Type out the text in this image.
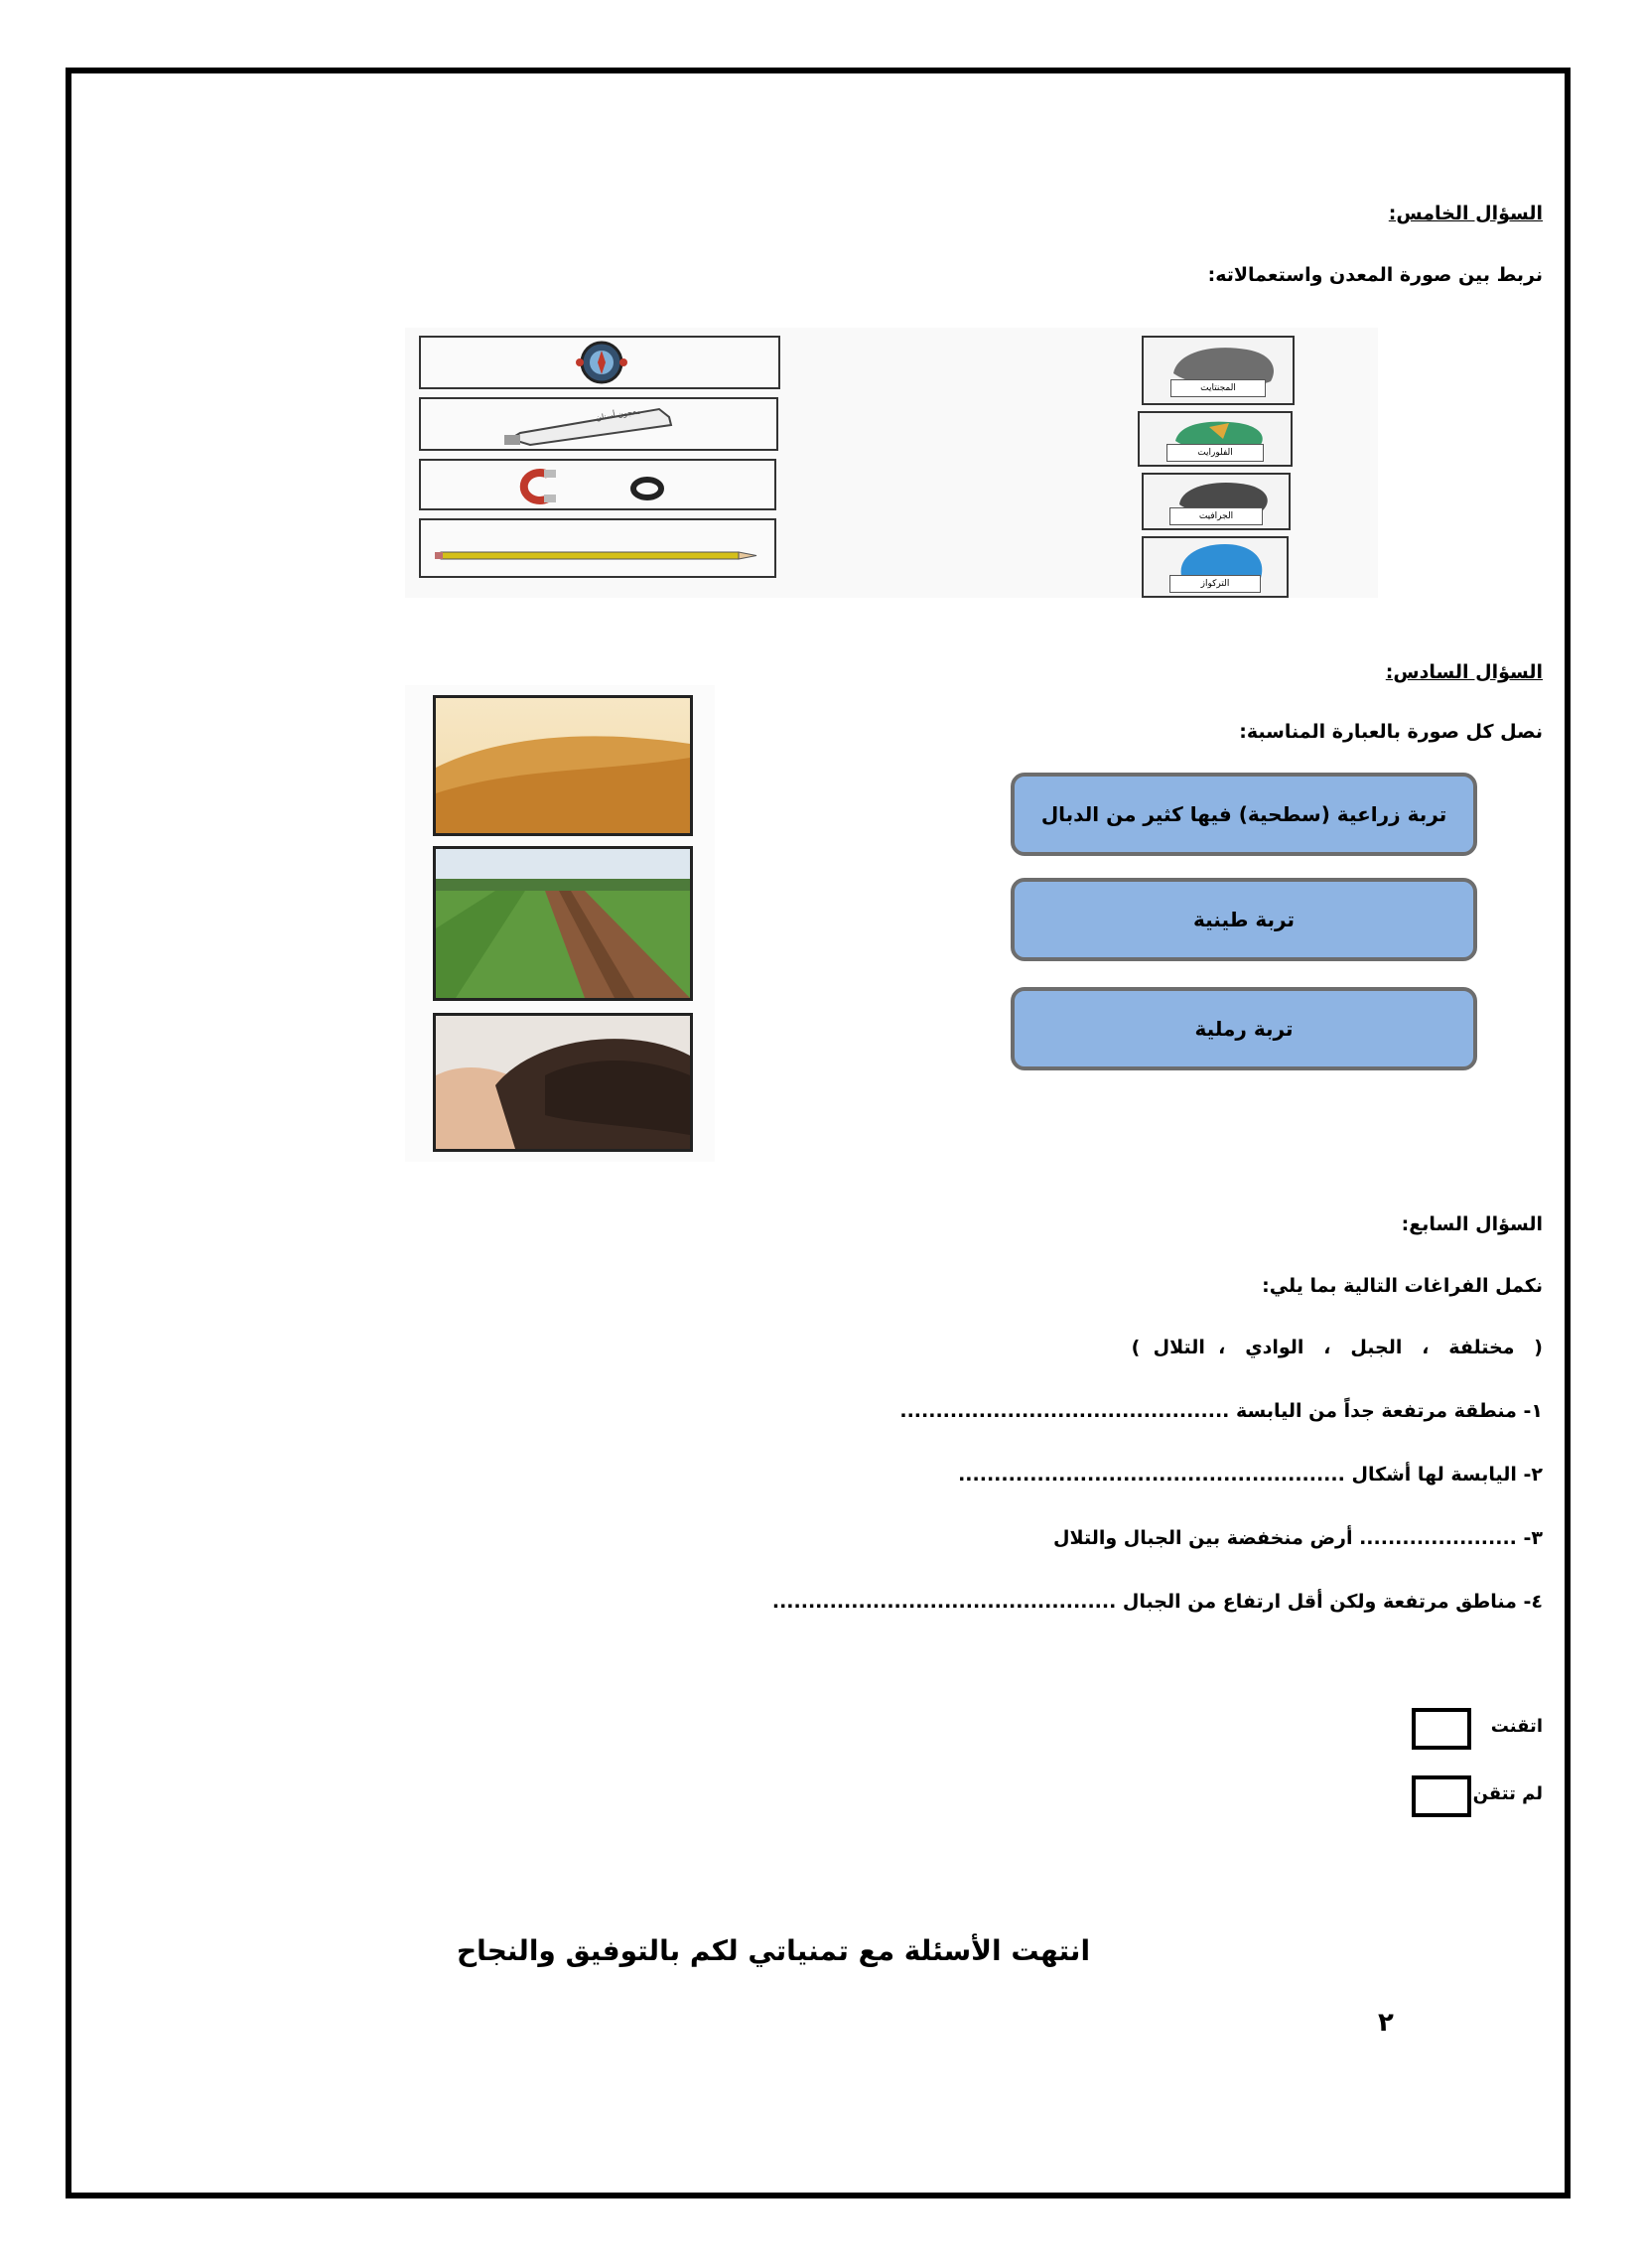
السؤال الخامس:
نربط بين صورة المعدن واستعمالاته:
معجون أسنان
المجنتايت
الفلورايت
الجرافيت
التركواز
السؤال السادس:
نصل كل صورة بالعبارة المناسبة:
تربة زراعية (سطحية) فيها كثير من الدبال
تربة طينية
تربة رملية
السؤال السابع:
نكمل الفراغات التالية بما يلي:
(   مختلفة   ،   الجبل   ،   الوادي   ،  التلال  )
١- منطقة مرتفعة جداً من اليابسة ..............................................
٢- اليابسة لها أشكال ......................................................
٣- ...................... أرض منخفضة بين الجبال والتلال
٤- مناطق مرتفعة ولكن أقل ارتفاع من الجبال ................................................
اتقنت
لم تتقن
انتهت الأسئلة مع تمنياتي لكم بالتوفيق والنجاح
٢
